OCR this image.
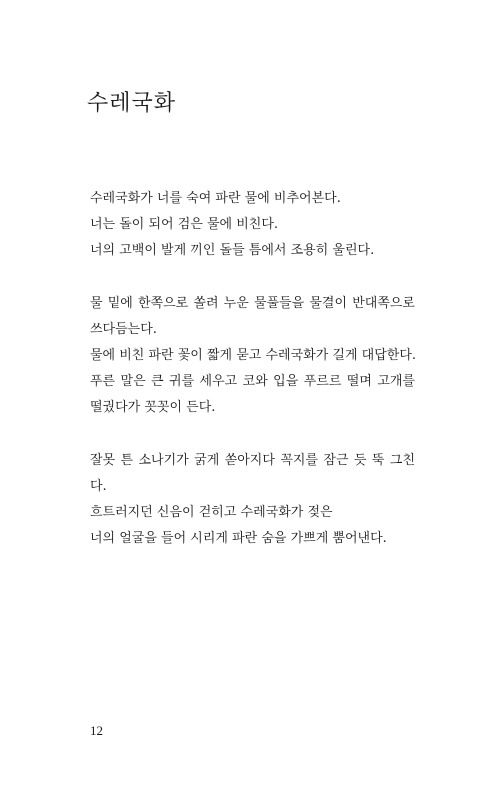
수레국화

수레국화가 너를 숙여 파란 물에 비추어본다.

너는 돌이 되어 검은 물에 비친다.

너의 고백이 발게 끼인 돌들 틈에서 조용히 울린다.

물 밑에 한쪽으로 쏠려 누운 물풀들을 물결이 반대쪽으로 쓰다듬는다.

물에 비친 파란 꽃이 짧게 묻고 수레국화가 길게 대답한다.

푸른 말은 큰 귀를 세우고 코와 입을 푸르르 떨며 고개를 떨궜다가 꼿꼿이 든다.

잘못 튼 소나기가 굵게 쏟아지다 꼭지를 잠근 듯 뚝 그친다.

흐트러지던 신음이 걷히고 수레국화가 젖은

너의 얼굴을 들어 시리게 파란 숨을 가쁘게 뿜어낸다.

12
